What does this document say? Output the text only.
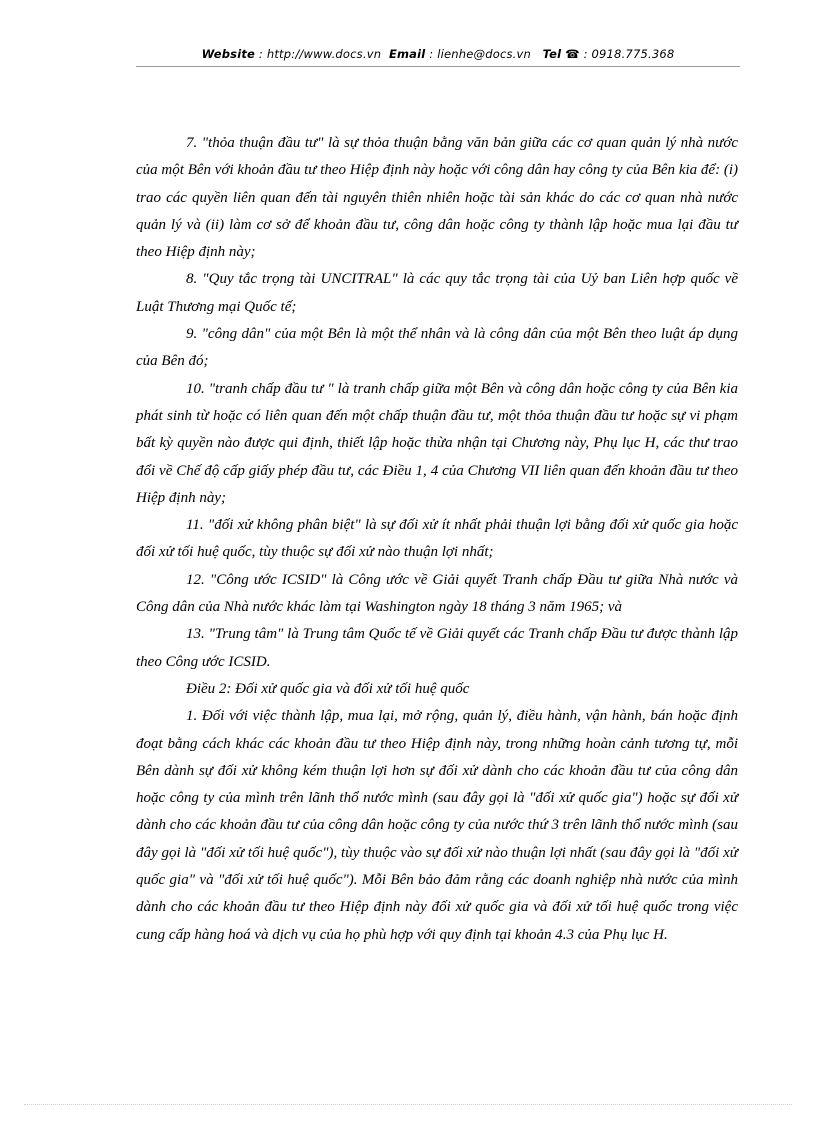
Website : http://www.docs.vn Email : lienhe@docs.vn Tel ☎ : 0918.775.368

7. "thỏa thuận đầu tư" là sự thỏa thuận bằng văn bản giữa các cơ quan quản lý nhà nước của một Bên với khoản đầu tư theo Hiệp định này hoặc với công dân hay công ty của Bên kia để: (i) trao các quyền liên quan đến tài nguyên thiên nhiên hoặc tài sản khác do các cơ quan nhà nước quản lý và (ii) làm cơ sở để khoản đầu tư, công dân hoặc công ty thành lập hoặc mua lại đầu tư theo Hiệp định này;

8. "Quy tắc trọng tài UNCITRAL" là các quy tắc trọng tài của Uỷ ban Liên hợp quốc về Luật Thương mại Quốc tế;

9. "công dân" của một Bên là một thể nhân và là công dân của một Bên theo luật áp dụng của Bên đó;

10. "tranh chấp đầu tư " là tranh chấp giữa một Bên và công dân hoặc công ty của Bên kia phát sinh từ hoặc có liên quan đến một chấp thuận đầu tư, một thỏa thuận đầu tư hoặc sự vi phạm bất kỳ quyền nào được qui định, thiết lập hoặc thừa nhận tại Chương này, Phụ lục H, các thư trao đổi về Chế độ cấp giấy phép đầu tư, các Điều 1, 4 của Chương VII liên quan đến khoản đầu tư theo Hiệp định này;

11. "đối xử không phân biệt" là sự đối xử ít nhất phải thuận lợi bằng đối xử quốc gia hoặc đối xử tối huệ quốc, tùy thuộc sự đối xử nào thuận lợi nhất;

12. "Công ước ICSID" là Công ước về Giải quyết Tranh chấp Đầu tư giữa Nhà nước và Công dân của Nhà nước khác làm tại Washington ngày 18 tháng 3 năm 1965; và

13. "Trung tâm" là Trung tâm Quốc tế về Giải quyết các Tranh chấp Đầu tư được thành lập theo Công ước ICSID.

Điều 2: Đối xử quốc gia và đối xử tối huệ quốc

1. Đối với việc thành lập, mua lại, mở rộng, quản lý, điều hành, vận hành, bán hoặc định đoạt bằng cách khác các khoản đầu tư theo Hiệp định này, trong những hoàn cảnh tương tự, mỗi Bên dành sự đối xử không kém thuận lợi hơn sự đối xử dành cho các khoản đầu tư của công dân hoặc công ty của mình trên lãnh thổ nước mình (sau đây gọi là "đối xử quốc gia") hoặc sự đối xử dành cho các khoản đầu tư của công dân hoặc công ty của nước thứ 3 trên lãnh thổ nước mình (sau đây gọi là "đối xử tối huệ quốc"), tùy thuộc vào sự đối xử nào thuận lợi nhất (sau đây gọi là "đối xử quốc gia" và "đối xử tối huệ quốc"). Mỗi Bên bảo đảm rằng các doanh nghiệp nhà nước của mình dành cho các khoản đầu tư theo Hiệp định này đối xử quốc gia và đối xử tối huệ quốc trong việc cung cấp hàng hoá và dịch vụ của họ phù hợp với quy định tại khoản 4.3 của Phụ lục H.
